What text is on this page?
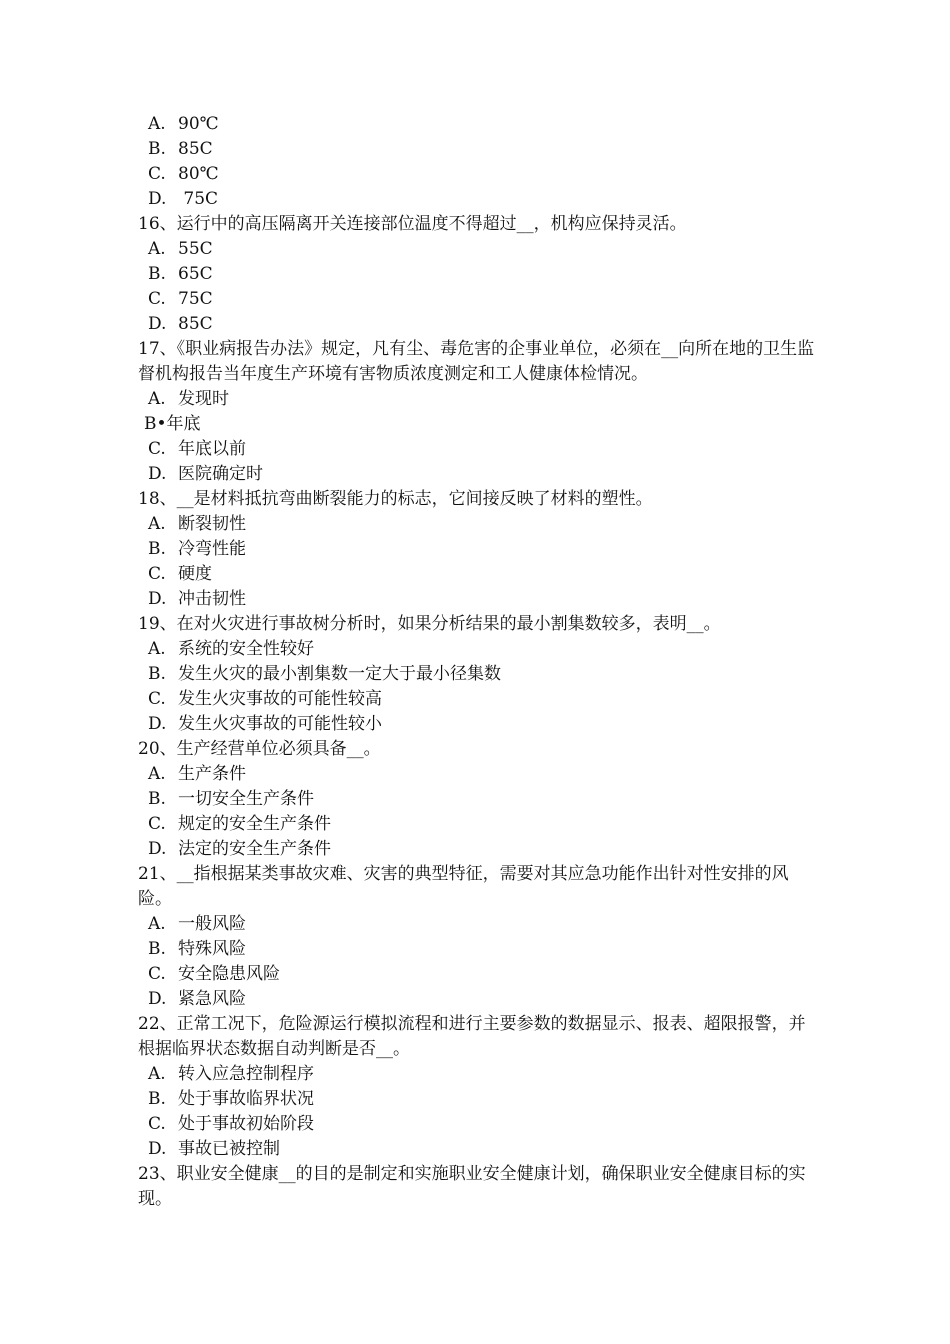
A. 90℃
B. 85C
C. 80℃
D. 75C
16、运行中的高压隔离开关连接部位温度不得超过__，机构应保持灵活。
A. 55C
B. 65C
C. 75C
D. 85C
17、《职业病报告办法》规定，凡有尘、毒危害的企事业单位，必须在__向所在地的卫生监督机构报告当年度生产环境有害物质浓度测定和工人健康体检情况。
A. 发现时
B•年底
C. 年底以前
D. 医院确定时
18、__是材料抵抗弯曲断裂能力的标志，它间接反映了材料的塑性。
A. 断裂韧性
B. 冷弯性能
C. 硬度
D. 冲击韧性
19、在对火灾进行事故树分析时，如果分析结果的最小割集数较多，表明__。
A. 系统的安全性较好
B. 发生火灾的最小割集数一定大于最小径集数
C. 发生火灾事故的可能性较高
D. 发生火灾事故的可能性较小
20、生产经营单位必须具备__。
A. 生产条件
B. 一切安全生产条件
C. 规定的安全生产条件
D. 法定的安全生产条件
21、__指根据某类事故灾难、灾害的典型特征，需要对其应急功能作出针对性安排的风险。
A. 一般风险
B. 特殊风险
C. 安全隐患风险
D. 紧急风险
22、正常工况下，危险源运行模拟流程和进行主要参数的数据显示、报表、超限报警，并根据临界状态数据自动判断是否__。
A. 转入应急控制程序
B. 处于事故临界状况
C. 处于事故初始阶段
D. 事故已被控制
23、职业安全健康__的目的是制定和实施职业安全健康计划，确保职业安全健康目标的实现。
